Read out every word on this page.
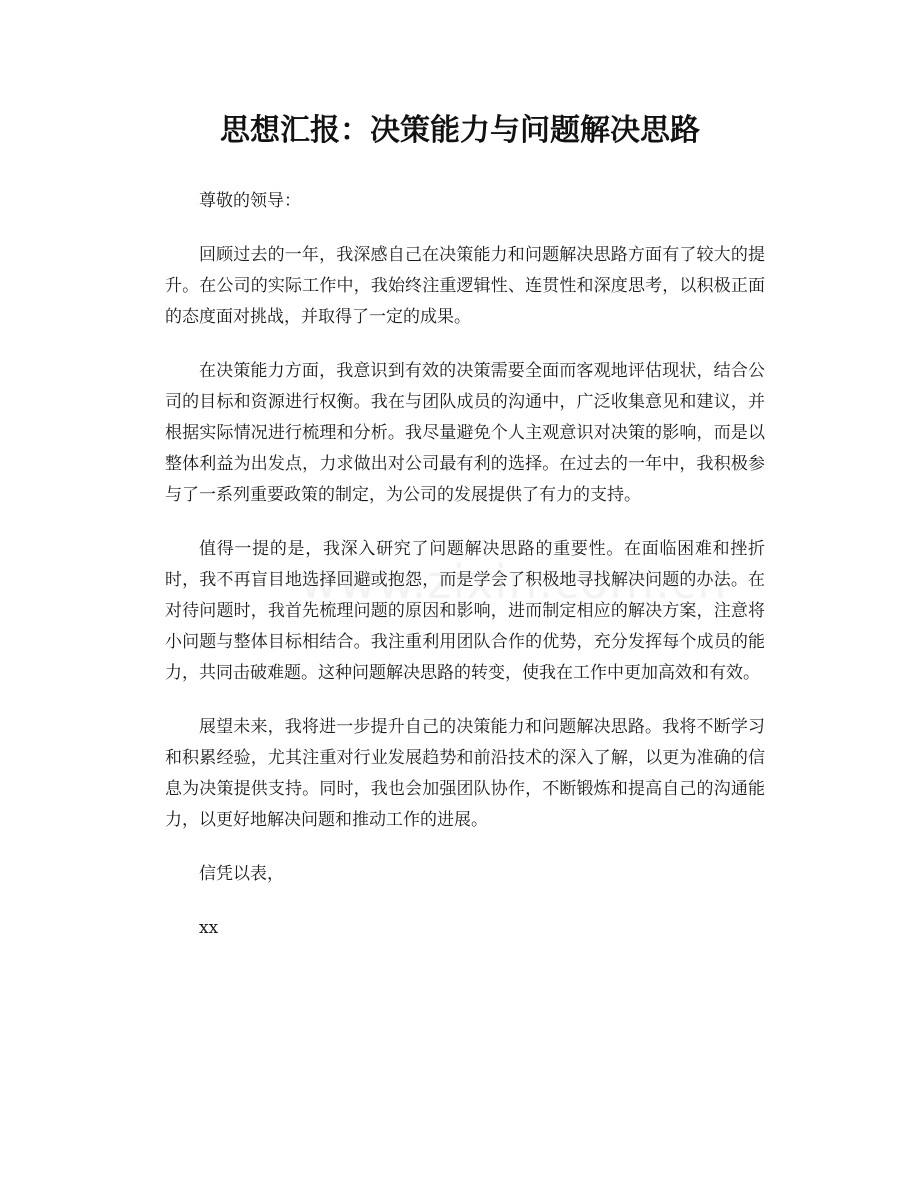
思想汇报：决策能力与问题解决思路

尊敬的领导：

回顾过去的一年，我深感自己在决策能力和问题解决思路方面有了较大的提升。在公司的实际工作中，我始终注重逻辑性、连贯性和深度思考，以积极正面的态度面对挑战，并取得了一定的成果。

在决策能力方面，我意识到有效的决策需要全面而客观地评估现状，结合公司的目标和资源进行权衡。我在与团队成员的沟通中，广泛收集意见和建议，并根据实际情况进行梳理和分析。我尽量避免个人主观意识对决策的影响，而是以整体利益为出发点，力求做出对公司最有利的选择。在过去的一年中，我积极参与了一系列重要政策的制定，为公司的发展提供了有力的支持。

值得一提的是，我深入研究了问题解决思路的重要性。在面临困难和挫折时，我不再盲目地选择回避或抱怨，而是学会了积极地寻找解决问题的办法。在对待问题时，我首先梳理问题的原因和影响，进而制定相应的解决方案，注意将小问题与整体目标相结合。我注重利用团队合作的优势，充分发挥每个成员的能力，共同击破难题。这种问题解决思路的转变，使我在工作中更加高效和有效。

展望未来，我将进一步提升自己的决策能力和问题解决思路。我将不断学习和积累经验，尤其注重对行业发展趋势和前沿技术的深入了解，以更为准确的信息为决策提供支持。同时，我也会加强团队协作，不断锻炼和提高自己的沟通能力，以更好地解决问题和推动工作的进展。

信凭以表，

xx
